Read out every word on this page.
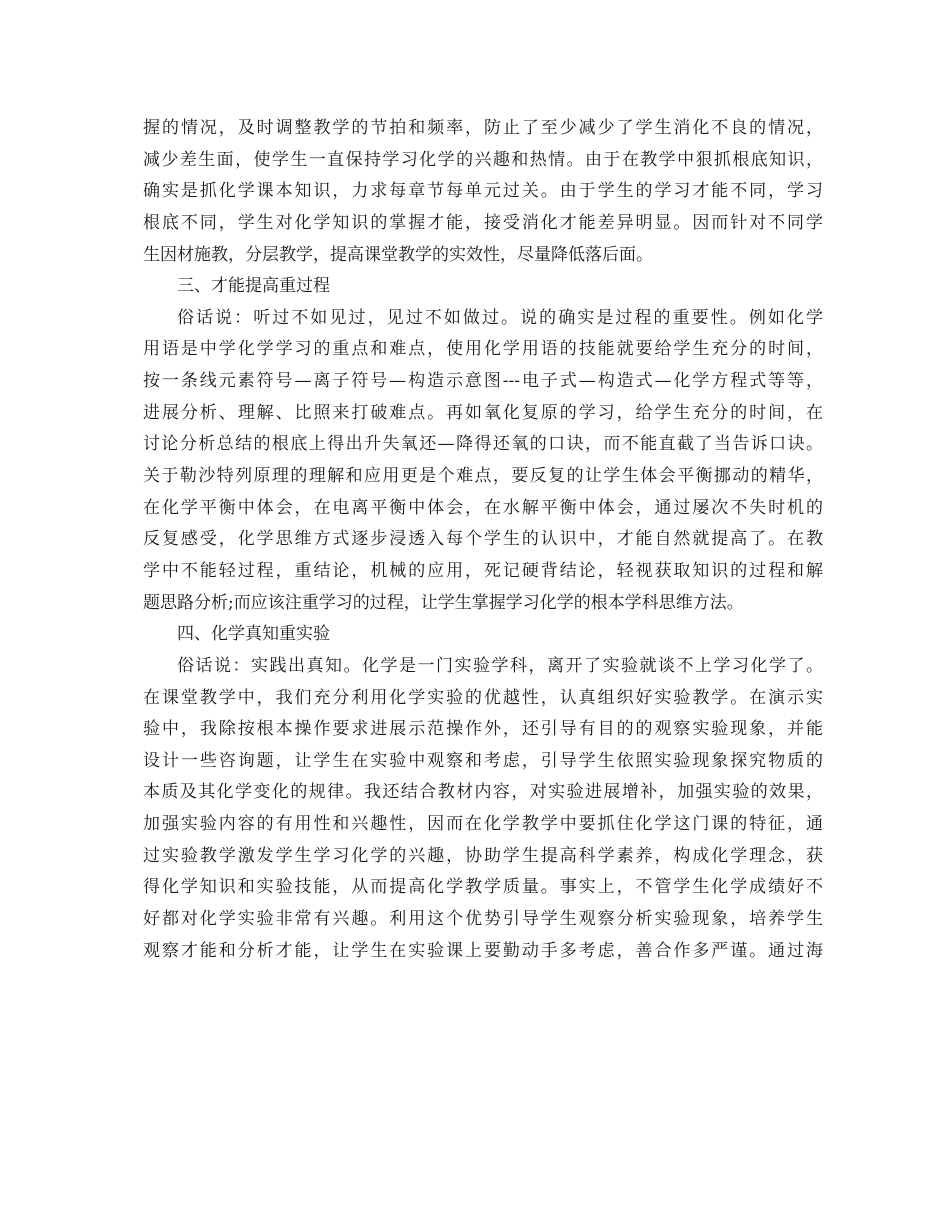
握的情况，及时调整教学的节拍和频率，防止了至少减少了学生消化不良的情况，
减少差生面，使学生一直保持学习化学的兴趣和热情。由于在教学中狠抓根底知识，
确实是抓化学课本知识，力求每章节每单元过关。由于学生的学习才能不同，学习
根底不同，学生对化学知识的掌握才能，接受消化才能差异明显。因而针对不同学
生因材施教，分层教学，提高课堂教学的实效性，尽量降低落后面。
三、才能提高重过程
俗话说：听过不如见过，见过不如做过。说的确实是过程的重要性。例如化学
用语是中学化学学习的重点和难点，使用化学用语的技能就要给学生充分的时间，
按一条线元素符号—离子符号—构造示意图---电子式—构造式—化学方程式等等，
进展分析、理解、比照来打破难点。再如氧化复原的学习，给学生充分的时间，在
讨论分析总结的根底上得出升失氧还—降得还氧的口诀，而不能直截了当告诉口诀。
关于勒沙特列原理的理解和应用更是个难点，要反复的让学生体会平衡挪动的精华，
在化学平衡中体会，在电离平衡中体会，在水解平衡中体会，通过屡次不失时机的
反复感受，化学思维方式逐步浸透入每个学生的认识中，才能自然就提高了。在教
学中不能轻过程，重结论，机械的应用，死记硬背结论，轻视获取知识的过程和解
题思路分析;而应该注重学习的过程，让学生掌握学习化学的根本学科思维方法。
四、化学真知重实验
俗话说：实践出真知。化学是一门实验学科，离开了实验就谈不上学习化学了。
在课堂教学中，我们充分利用化学实验的优越性，认真组织好实验教学。在演示实
验中，我除按根本操作要求进展示范操作外，还引导有目的的观察实验现象，并能
设计一些咨询题，让学生在实验中观察和考虑，引导学生依照实验现象探究物质的
本质及其化学变化的规律。我还结合教材内容，对实验进展增补，加强实验的效果，
加强实验内容的有用性和兴趣性，因而在化学教学中要抓住化学这门课的特征，通
过实验教学激发学生学习化学的兴趣，协助学生提高科学素养，构成化学理念，获
得化学知识和实验技能，从而提高化学教学质量。事实上，不管学生化学成绩好不
好都对化学实验非常有兴趣。利用这个优势引导学生观察分析实验现象，培养学生
观察才能和分析才能，让学生在实验课上要勤动手多考虑，善合作多严谨。通过海
